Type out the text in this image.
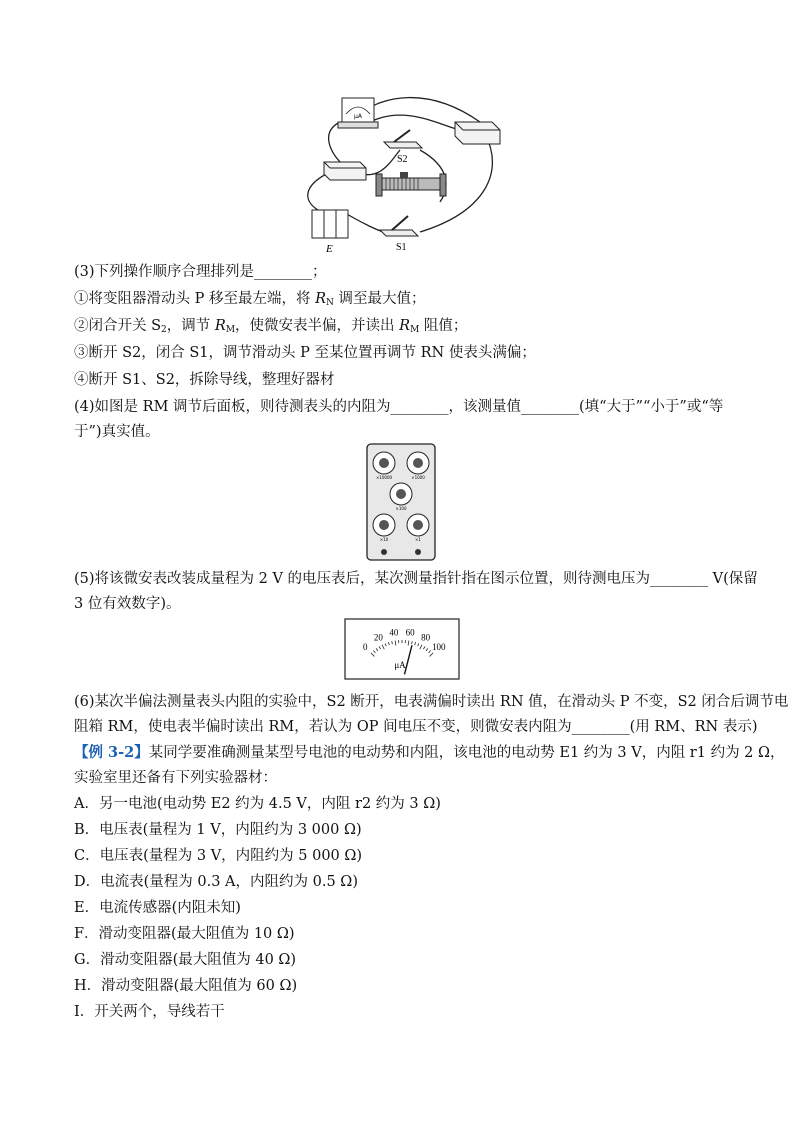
μA
S2
E	S1
(3)下列操作顺序合理排列是________；
①将变阻器滑动头 P 移至最左端，将 $R_N$ 调至最大值；
②闭合开关 $S_2$，调节 $R_M$，使微安表半偏，并读出 $R_M$ 阻值；
③断开 S2，闭合 S1，调节滑动头 P 至某位置再调节 RN 使表头满偏；
④断开 S1、S2，拆除导线，整理好器材
(4)如图是 RM 调节后面板，则待测表头的内阻为________，该测量值________(填“大于”“小于”或“等
于”)真实值。
×10000	×1000
×100
×10	×1
(5)将该微安表改装成量程为 2 V 的电压表后，某次测量指针指在图示位置，则待测电压为________ V(保留
3 位有效数字)。
0
20
40 60
80
100
μA
(6)某次半偏法测量表头内阻的实验中，S2 断开，电表满偏时读出 RN 值，在滑动头 P 不变，S2 闭合后调节电
阻箱 RM，使电表半偏时读出 RM，若认为 OP 间电压不变，则微安表内阻为________(用 RM、RN 表示)
【例 3-2】某同学要准确测量某型号电池的电动势和内阻，该电池的电动势 E1 约为 3 V，内阻 r1 约为 2 Ω，
实验室里还备有下列实验器材：
A．另一电池(电动势 E2 约为 4.5 V，内阻 r2 约为 3 Ω)
B．电压表(量程为 1 V，内阻约为 3 000 Ω)
C．电压表(量程为 3 V，内阻约为 5 000 Ω)
D．电流表(量程为 0.3 A，内阻约为 0.5 Ω)
E．电流传感器(内阻未知)
F．滑动变阻器(最大阻值为 10 Ω)
G．滑动变阻器(最大阻值为 40 Ω)
H．滑动变阻器(最大阻值为 60 Ω)
I．开关两个，导线若干
